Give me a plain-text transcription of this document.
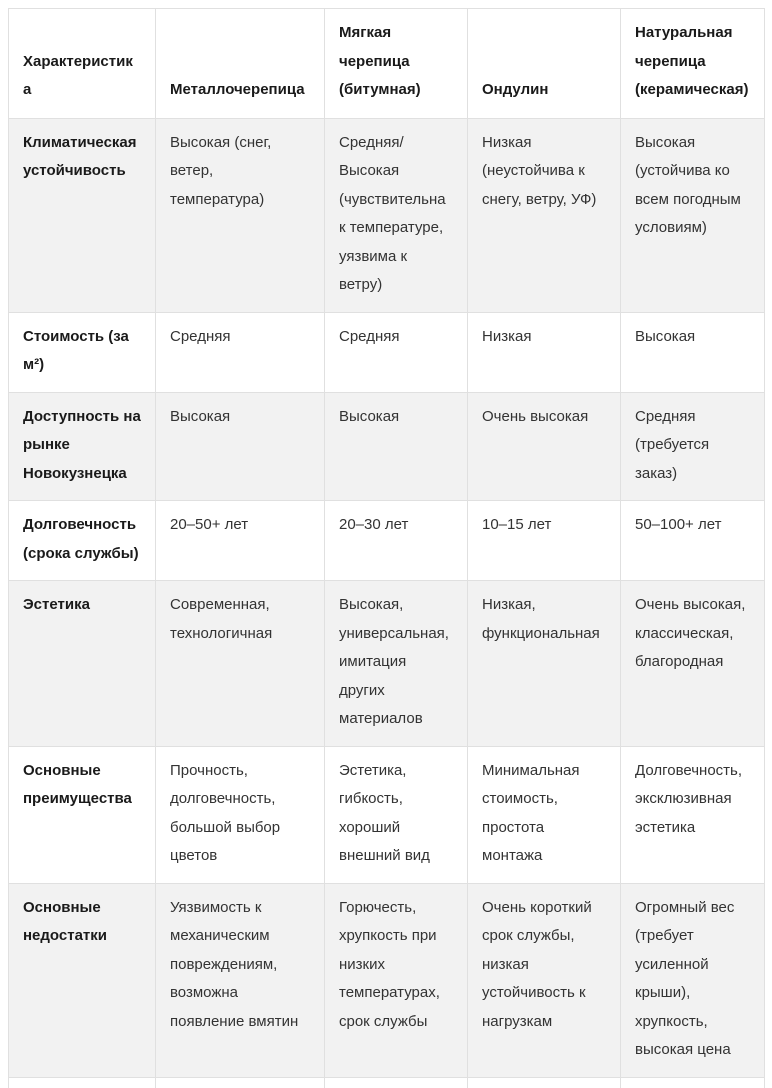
Характеристика	Металлочерепица	Мягкая черепица (битумная)	Ондулин	Натуральная черепица (керамическая)
Климатическая устойчивость	Высокая (снег, ветер, температура)	Средняя/Высокая (чувствительна к температуре, уязвима к ветру)	Низкая (неустойчива к снегу, ветру, УФ)	Высокая (устойчива ко всем погодным условиям)
Стоимость (за м²)	Средняя	Средняя	Низкая	Высокая
Доступность на рынке Новокузнецка	Высокая	Высокая	Очень высокая	Средняя (требуется заказ)
Долговечность (срока службы)	20–50+ лет	20–30 лет	10–15 лет	50–100+ лет
Эстетика	Современная, технологичная	Высокая, универсальная, имитация других материалов	Низкая, функциональная	Очень высокая, классическая, благородная
Основные преимущества	Прочность, долговечность, большой выбор цветов	Эстетика, гибкость, хороший внешний вид	Минимальная стоимость, простота монтажа	Долговечность, эксклюзивная эстетика
Основные недостатки	Уязвимость к механическим повреждениям, возможна появление вмятин	Горючесть, хрупкость при низких температурах, срок службы	Очень короткий срок службы, низкая устойчивость к нагрузкам	Огромный вес (требует усиленной крыши), хрупкость, высокая цена
